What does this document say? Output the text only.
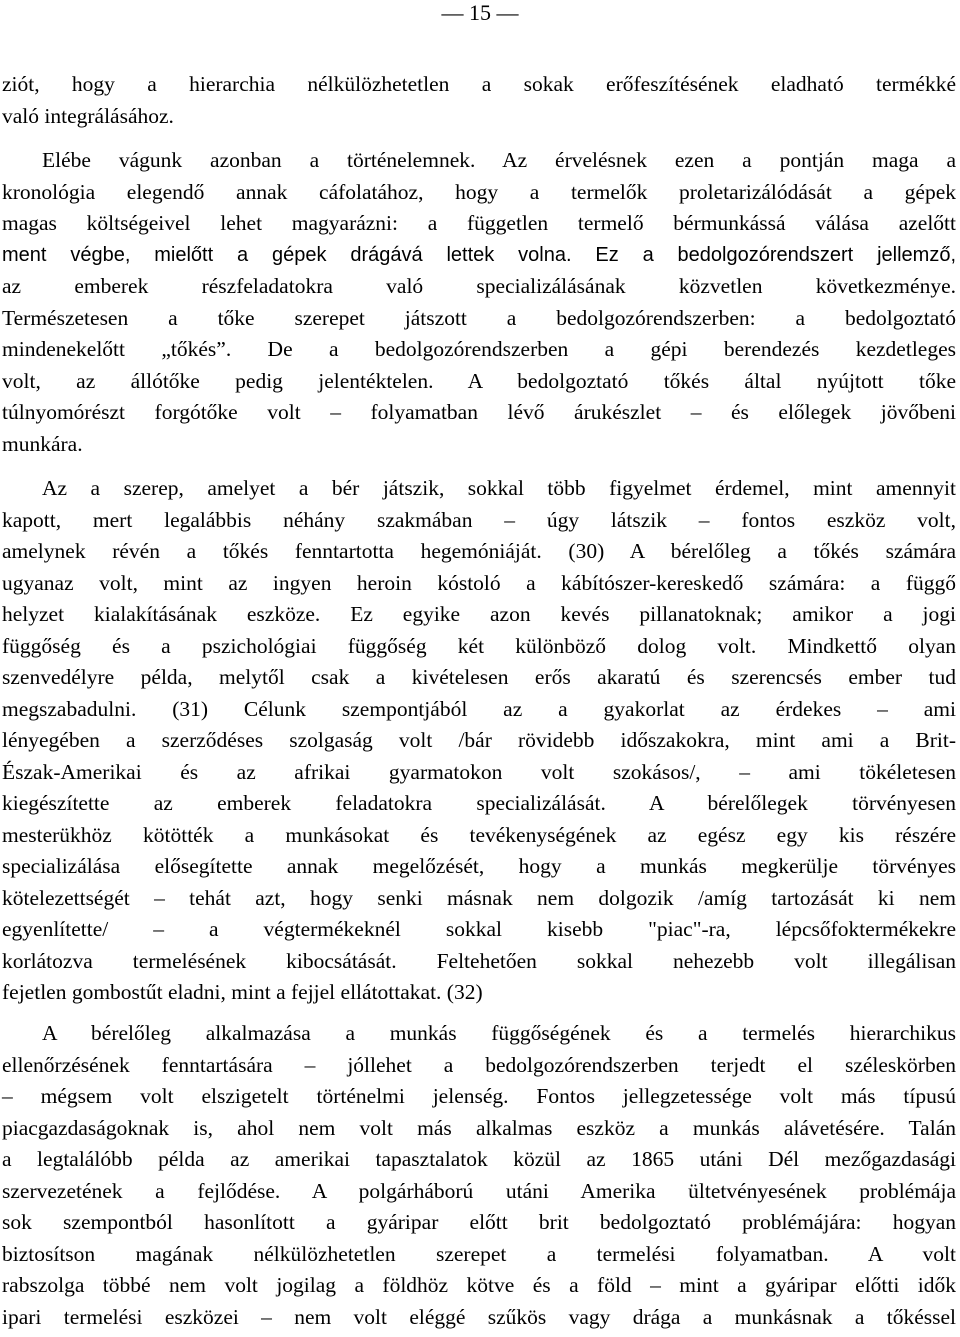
— 15 —
ziót, hogy a hierarchia nélkülözhetetlen a sokak erőfeszítésének eladható termékké
való integrálásához.
Elébe vágunk azonban a történelemnek. Az érvelésnek ezen a pontján maga a
kronológia elegendő annak cáfolatához, hogy a termelők proletarizálódását a gépek
magas költségeivel lehet magyarázni: a független termelő bérmunkássá válása azelőtt
ment végbe, mielőtt a gépek drágává lettek volna. Ez a bedolgozórendszert jellemző,
az emberek részfeladatokra való specializálásának közvetlen következménye.
Természetesen a tőke szerepet játszott a bedolgozórendszerben: a bedolgoztató
mindenekelőtt „tőkés”. De a bedolgozórendszerben a gépi berendezés kezdetleges
volt, az állótőke pedig jelentéktelen. A bedolgoztató tőkés által nyújtott tőke
túlnyomórészt forgótőke volt – folyamatban lévő árukészlet – és előlegek jövőbeni
munkára.
Az a szerep, amelyet a bér játszik, sokkal több figyelmet érdemel, mint amennyit
kapott, mert legalábbis néhány szakmában – úgy látszik – fontos eszköz volt,
amelynek révén a tőkés fenntartotta hegemóniáját. (30) A bérelőleg a tőkés számára
ugyanaz volt, mint az ingyen heroin kóstoló a kábítószer-kereskedő számára: a függő
helyzet kialakításának eszköze. Ez egyike azon kevés pillanatoknak; amikor a jogi
függőség és a pszichológiai függőség két különböző dolog volt. Mindkettő olyan
szenvedélyre példa, melytől csak a kivételesen erős akaratú és szerencsés ember tud
megszabadulni. (31) Célunk szempontjából az a gyakorlat az érdekes – ami
lényegében a szerződéses szolgaság volt /bár rövidebb időszakokra, mint ami a Brit-
Észak-Amerikai és az afrikai gyarmatokon volt szokásos/, – ami tökéletesen
kiegészítette az emberek feladatokra specializálását. A bérelőlegek törvényesen
mesterükhöz kötötték a munkásokat és tevékenységének az egész egy kis részére
specializálása elősegítette annak megelőzését, hogy a munkás megkerülje törvényes
kötelezettségét – tehát azt, hogy senki másnak nem dolgozik /amíg tartozását ki nem
egyenlítette/ – a végtermékeknél sokkal kisebb "piac"-ra, lépcsőfoktermékekre
korlátozva termelésének kibocsátását. Feltehetően sokkal nehezebb volt illegálisan
fejetlen gombostűt eladni, mint a fejjel ellátottakat. (32)
A bérelőleg alkalmazása a munkás függőségének és a termelés hierarchikus
ellenőrzésének fenntartására – jóllehet a bedolgozórendszerben terjedt el széleskörben
– mégsem volt elszigetelt történelmi jelenség. Fontos jellegzetessége volt más típusú
piacgazdaságoknak is, ahol nem volt más alkalmas eszköz a munkás alávetésére. Talán
a legtalálóbb példa az amerikai tapasztalatok közül az 1865 utáni Dél mezőgazdasági
szervezetének a fejlődése. A polgárháború utáni Amerika ültetvényesének problémája
sok szempontból hasonlított a gyáripar előtt brit bedolgoztató problémájára: hogyan
biztosítson magának nélkülözhetetlen szerepet a termelési folyamatban. A volt
rabszolga többé nem volt jogilag a földhöz kötve és a föld – mint a gyáripar előtti idők
ipari termelési eszközei – nem volt eléggé szűkös vagy drága a munkásnak a tőkéssel
